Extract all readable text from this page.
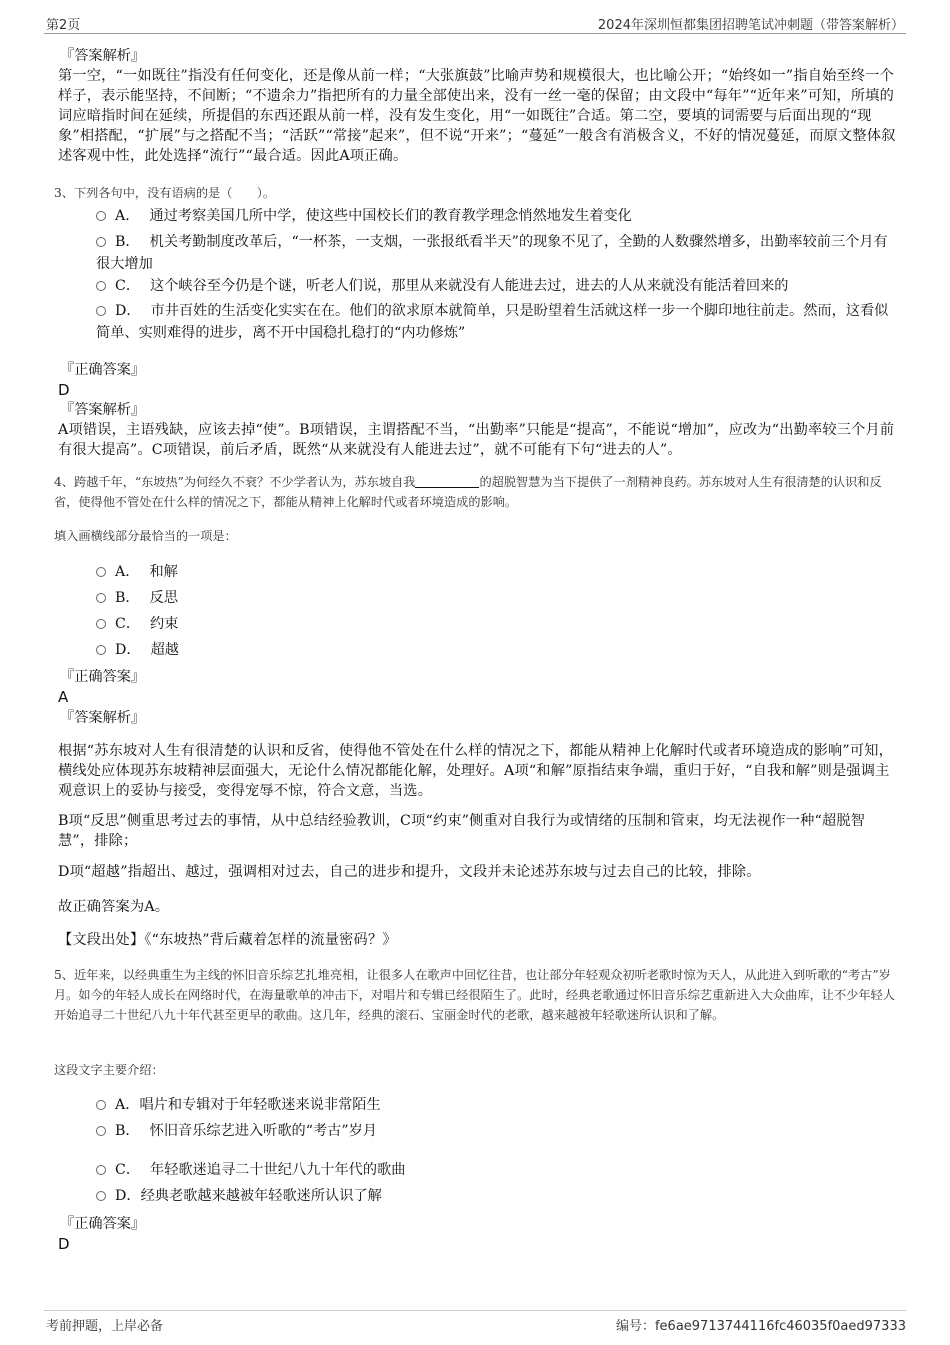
第2页	2024年深圳恒都集团招聘笔试冲刺题（带答案解析）
『答案解析』
第一空，“一如既往”指没有任何变化，还是像从前一样；“大张旗鼓”比喻声势和规模很大，也比喻公开；“始终如一”指自始至终一个样子，表示能坚持，不间断；“不遗余力”指把所有的力量全部使出来，没有一丝一毫的保留；由文段中“每年”“近年来”可知，所填的词应暗指时间在延续，所提倡的东西还跟从前一样，没有发生变化，用“一如既往”合适。第二空，要填的词需要与后面出现的“现象”相搭配，“扩展”与之搭配不当；“活跃”“常接”起来”，但不说“开来”；“蔓延”一般含有消极含义，不好的情况蔓延，而原文整体叙述客观中性，此处选择“流行”“最合适。因此A项正确。
3、下列各句中，没有语病的是（　　）。
A． 通过考察美国几所中学，使这些中国校长们的教育教学理念悄然地发生着变化
B． 机关考勤制度改革后，“一杯茶，一支烟，一张报纸看半天”的现象不见了，全勤的人数骤然增多，出勤率较前三个月有很大增加
C． 这个峡谷至今仍是个谜，听老人们说，那里从来就没有人能进去过，进去的人从来就没有能活着回来的
D． 市井百姓的生活变化实实在在。他们的欲求原本就简单，只是盼望着生活就这样一步一个脚印地往前走。然而，这看似简单、实则难得的进步，离不开中国稳扎稳打的“内功修炼”
『正确答案』
D
『答案解析』
A项错误，主语残缺，应该去掉“使”。B项错误，主谓搭配不当，“出勤率”只能是“提高”，不能说“增加”，应改为“出勤率较三个月前有很大提高”。C项错误，前后矛盾，既然“从来就没有人能进去过”，就不可能有下句“进去的人”。
4、跨越千年，“东坡热”为何经久不衰？不少学者认为，苏东坡自我	的超脱智慧为当下提供了一剂精神良药。苏东坡对人生有很清楚的认识和反省，使得他不管处在什么样的情况之下，都能从精神上化解时代或者环境造成的影响。
填入画横线部分最恰当的一项是：
A． 和解
B． 反思
C． 约束
D． 超越
『正确答案』
A
『答案解析』
根据“苏东坡对人生有很清楚的认识和反省，使得他不管处在什么样的情况之下，都能从精神上化解时代或者环境造成的影响”可知，横线处应体现苏东坡精神层面强大，无论什么情况都能化解，处理好。A项“和解”原指结束争端，重归于好，“自我和解”则是强调主观意识上的妥协与接受，变得宠辱不惊，符合文意，当选。
B项“反思”侧重思考过去的事情，从中总结经验教训，C项“约束”侧重对自我行为或情绪的压制和管束，均无法视作一种“超脱智慧”，排除；
D项“超越”指超出、越过，强调相对过去，自己的进步和提升，文段并未论述苏东坡与过去自己的比较，排除。
故正确答案为A。
【文段出处】《“东坡热”背后藏着怎样的流量密码？》
5、近年来，以经典重生为主线的怀旧音乐综艺扎堆亮相，让很多人在歌声中回忆往昔，也让部分年轻观众初听老歌时惊为天人，从此进入到听歌的“考古”岁月。如今的年轻人成长在网络时代，在海量歌单的冲击下，对唱片和专辑已经很陌生了。此时，经典老歌通过怀旧音乐综艺重新进入大众曲库，让不少年轻人开始追寻二十世纪八九十年代甚至更早的歌曲。这几年，经典的滚石、宝丽金时代的老歌，越来越被年轻歌迷所认识和了解。
这段文字主要介绍：
A．唱片和专辑对于年轻歌迷来说非常陌生
B． 怀旧音乐综艺进入听歌的“考古”岁月
C． 年轻歌迷追寻二十世纪八九十年代的歌曲
D．经典老歌越来越被年轻歌迷所认识了解
『正确答案』
D
考前押题，上岸必备	编号：fe6ae9713744116fc46035f0aed97333
